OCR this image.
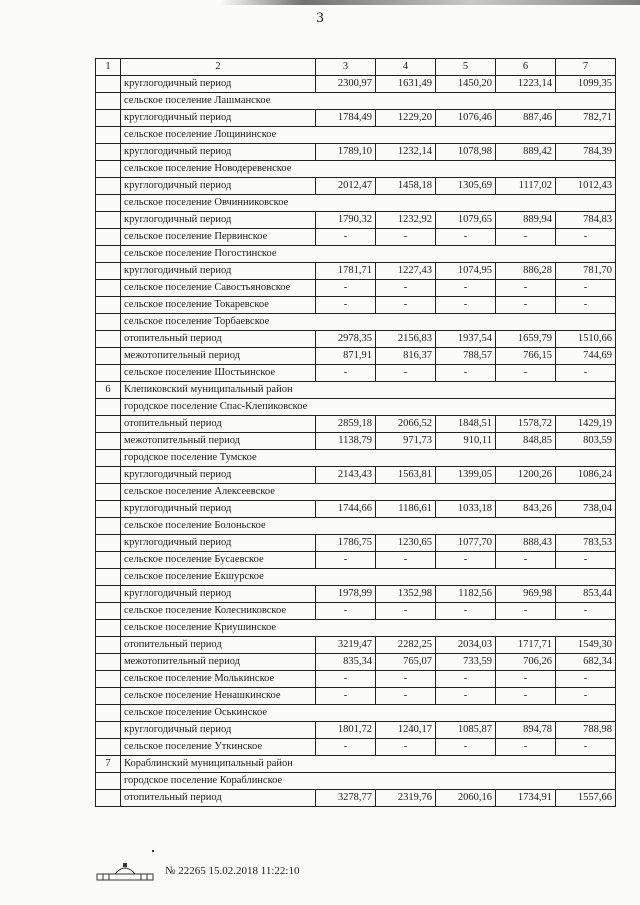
3
1	2	3	4	5	6	7
	круглогодичный период	2300,97	1631,49	1450,20	1223,14	1099,35
	сельское поселение Лашманское					
	круглогодичный период	1784,49	1229,20	1076,46	887,46	782,71
	сельское поселение Лощининское					
	круглогодичный период	1789,10	1232,14	1078,98	889,42	784,39
	сельское поселение Новодеревенское					
	круглогодичный период	2012,47	1458,18	1305,69	1117,02	1012,43
	сельское поселение Овчинниковское					
	круглогодичный период	1790,32	1232,92	1079,65	889,94	784,83
	сельское поселение Первинское	-	-	-	-	-
	сельское поселение Погостинское					
	круглогодичный период	1781,71	1227,43	1074,95	886,28	781,70
	сельское поселение Савостьяновское	-	-	-	-	-
	сельское поселение Токаревское	-	-	-	-	-
	сельское поселение Торбаевское					
	отопительный период	2978,35	2156,83	1937,54	1659,79	1510,66
	межотопительный период	871,91	816,37	788,57	766,15	744,69
	сельское поселение Шостьинское	-	-	-	-	-
6	Клепиковский муниципальный район					
	городское поселение Спас-Клепиковское					
	отопительный период	2859,18	2066,52	1848,51	1578,72	1429,19
	межотопительный период	1138,79	971,73	910,11	848,85	803,59
	городское поселение Тумское					
	круглогодичный период	2143,43	1563,81	1399,05	1200,26	1086,24
	сельское поселение Алексеевское					
	круглогодичный период	1744,66	1186,61	1033,18	843,26	738,04
	сельское поселение Болоньское					
	круглогодичный период	1786,75	1230,65	1077,70	888,43	783,53
	сельское поселение Бусаевское	-	-	-	-	-
	сельское поселение Екшурское					
	круглогодичный период	1978,99	1352,98	1182,56	969,98	853,44
	сельское поселение Колесниковское	-	-	-	-	-
	сельское поселение Криушинское					
	отопительный период	3219,47	2282,25	2034,03	1717,71	1549,30
	межотопительный период	835,34	765,07	733,59	706,26	682,34
	сельское поселение Молькинское	-	-	-	-	-
	сельское поселение Ненашкинское	-	-	-	-	-
	сельское поселение Оськинское					
	круглогодичный период	1801,72	1240,17	1085,87	894,78	788,98
	сельское поселение Уткинское	-	-	-	-	-
7	Кораблинский муниципальный район					
	городское поселение Кораблинское					
	отопительный период	3278,77	2319,76	2060,16	1734,91	1557,66
№ 22265 15.02.2018 11:22:10
